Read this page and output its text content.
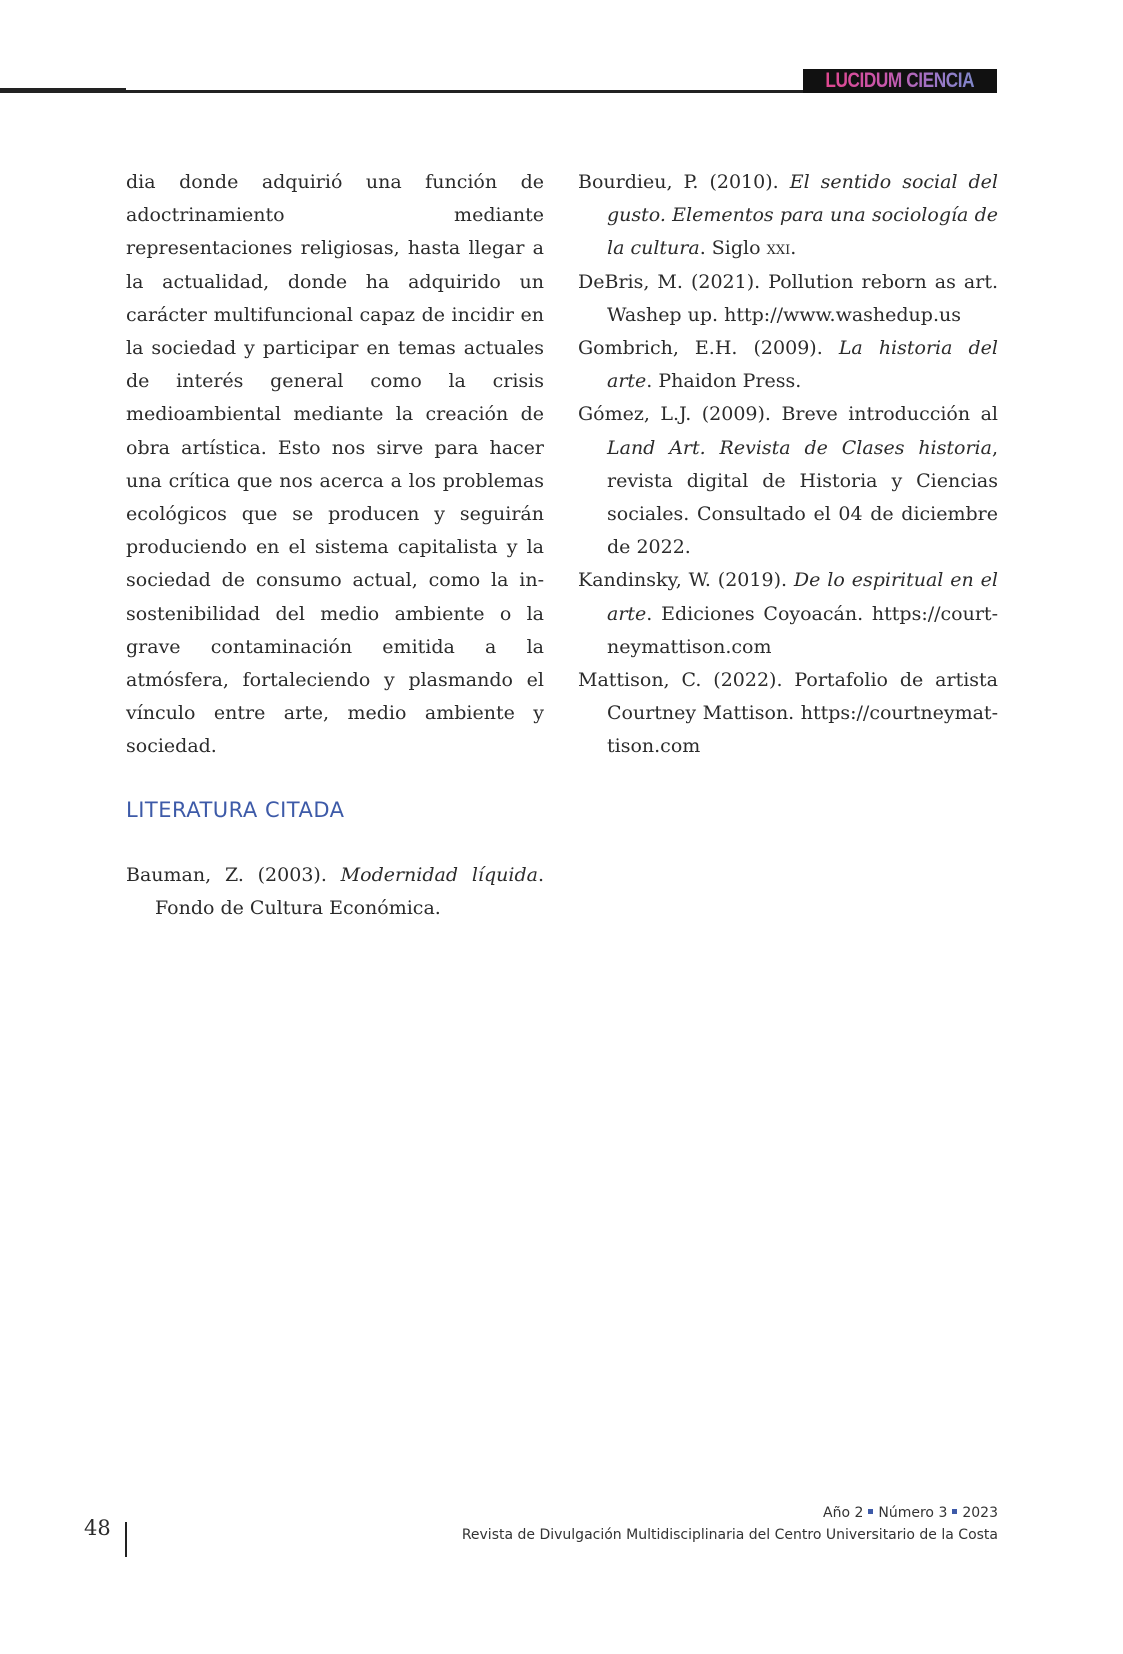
LUCIDUM CIENCIA

dia donde adquirió una función de adoctrinamiento mediante representaciones religiosas, hasta llegar a la actualidad, donde ha adquirido un carácter multifuncional capaz de incidir en la sociedad y participar en temas actuales de interés general como la crisis medioambiental mediante la creación de obra artística. Esto nos sirve para hacer una crítica que nos acerca a los problemas ecológicos que se producen y seguirán produciendo en el sistema capitalista y la sociedad de consumo actual, como la insostenibilidad del medio ambiente o la grave contaminación emitida a la atmósfera, fortaleciendo y plasmando el vínculo entre arte, medio ambiente y sociedad.

LITERATURA CITADA

Bauman, Z. (2003). Modernidad líquida. Fondo de Cultura Económica.

Bourdieu, P. (2010). El sentido social del gusto. Elementos para una sociología de la cultura. Siglo xxi.

DeBris, M. (2021). Pollution reborn as art. Washep up. http://www.washedup.us

Gombrich, E.H. (2009). La historia del arte. Phaidon Press.

Gómez, L.J. (2009). Breve introducción al Land Art. Revista de Clases historia, revista digital de Historia y Ciencias sociales. Consultado el 04 de diciembre de 2022.

Kandinsky, W. (2019). De lo espiritual en el arte. Ediciones Coyoacán. https://courtneymattison.com

Mattison, C. (2022). Portafolio de artista Courtney Mattison. https://courtneymattison.com

48
Año 2 Número 3 2023
Revista de Divulgación Multidisciplinaria del Centro Universitario de la Costa
